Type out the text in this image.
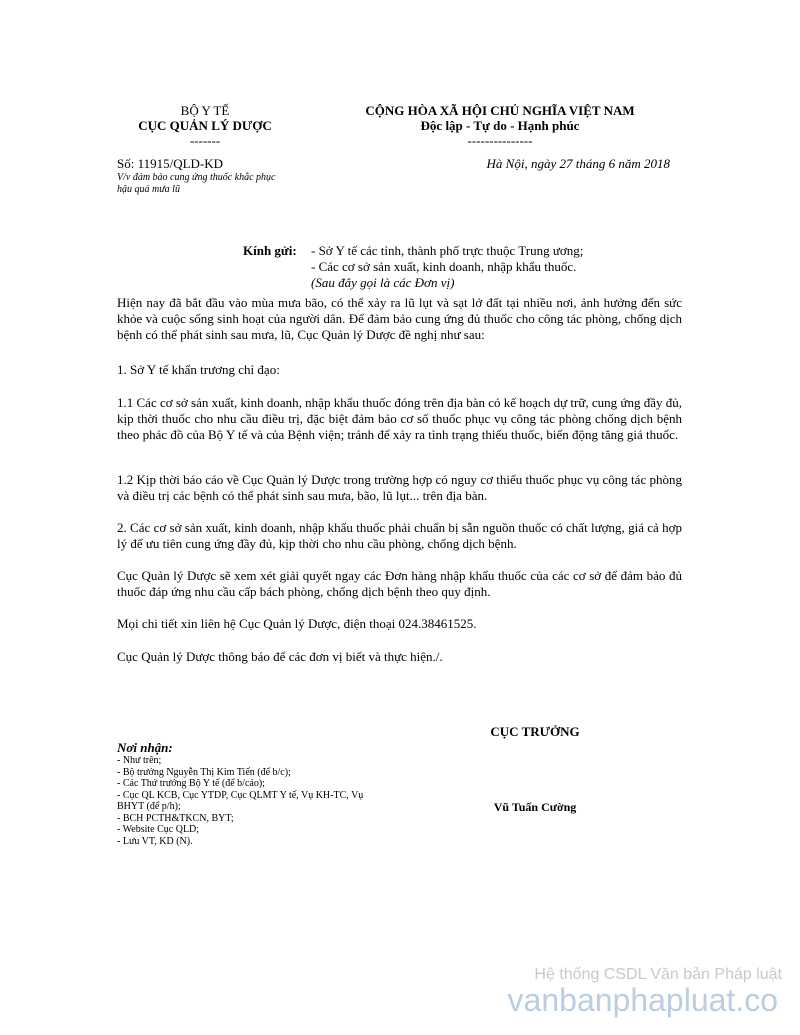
BỘ Y TẾ
CỤC QUẢN LÝ DƯỢC
-------
CỘNG HÒA XÃ HỘI CHỦ NGHĨA VIỆT NAM
Độc lập - Tự do - Hạnh phúc
---------------
Số: 11915/QLD-KD
V/v đảm bảo cung ứng thuốc khắc phục
hậu quả mưa lũ
Hà Nội, ngày 27 tháng 6 năm 2018
Kính gửi: - Sở Y tế các tỉnh, thành phố trực thuộc Trung ương;
- Các cơ sở sản xuất, kinh doanh, nhập khẩu thuốc.
(Sau đây gọi là các Đơn vị)
Hiện nay đã bắt đầu vào mùa mưa bão, có thể xảy ra lũ lụt và sạt lở đất tại nhiều nơi, ảnh hưởng đến sức khỏe và cuộc sống sinh hoạt của người dân. Để đảm bảo cung ứng đủ thuốc cho công tác phòng, chống dịch bệnh có thể phát sinh sau mưa, lũ, Cục Quản lý Dược đề nghị như sau:
1. Sở Y tế khẩn trương chỉ đạo:
1.1 Các cơ sở sản xuất, kinh doanh, nhập khẩu thuốc đóng trên địa bàn có kế hoạch dự trữ, cung ứng đầy đủ, kịp thời thuốc cho nhu cầu điều trị, đặc biệt đảm bảo cơ số thuốc phục vụ công tác phòng chống dịch bệnh theo phác đồ của Bộ Y tế và của Bệnh viện; tránh để xảy ra tình trạng thiếu thuốc, biến động tăng giá thuốc.
1.2 Kịp thời báo cáo về Cục Quản lý Dược trong trường hợp có nguy cơ thiếu thuốc phục vụ công tác phòng và điều trị các bệnh có thể phát sinh sau mưa, bão, lũ lụt... trên địa bàn.
2. Các cơ sở sản xuất, kinh doanh, nhập khẩu thuốc phải chuẩn bị sẵn nguồn thuốc có chất lượng, giá cả hợp lý để ưu tiên cung ứng đầy đủ, kịp thời cho nhu cầu phòng, chống dịch bệnh.
Cục Quản lý Dược sẽ xem xét giải quyết ngay các Đơn hàng nhập khẩu thuốc của các cơ sở để đảm bảo đủ thuốc đáp ứng nhu cầu cấp bách phòng, chống dịch bệnh theo quy định.
Mọi chi tiết xin liên hệ Cục Quản lý Dược, điện thoại 024.38461525.
Cục Quản lý Dược thông báo để các đơn vị biết và thực hiện./.
Nơi nhận:
- Như trên;
- Bộ trưởng Nguyễn Thị Kim Tiến (để b/c);
- Các Thứ trưởng Bộ Y tế (để b/cáo);
- Cục QL KCB, Cục YTDP, Cục QLMT Y tế, Vụ KH-TC, Vụ
BHYT (để p/h);
- BCH PCTH&TKCN, BYT;
- Website Cục QLD;
- Lưu VT, KD (N).
CỤC TRƯỞNG
Vũ Tuấn Cường
Hệ thống CSDL Văn bản Pháp luật
vanbanphapluat.co
